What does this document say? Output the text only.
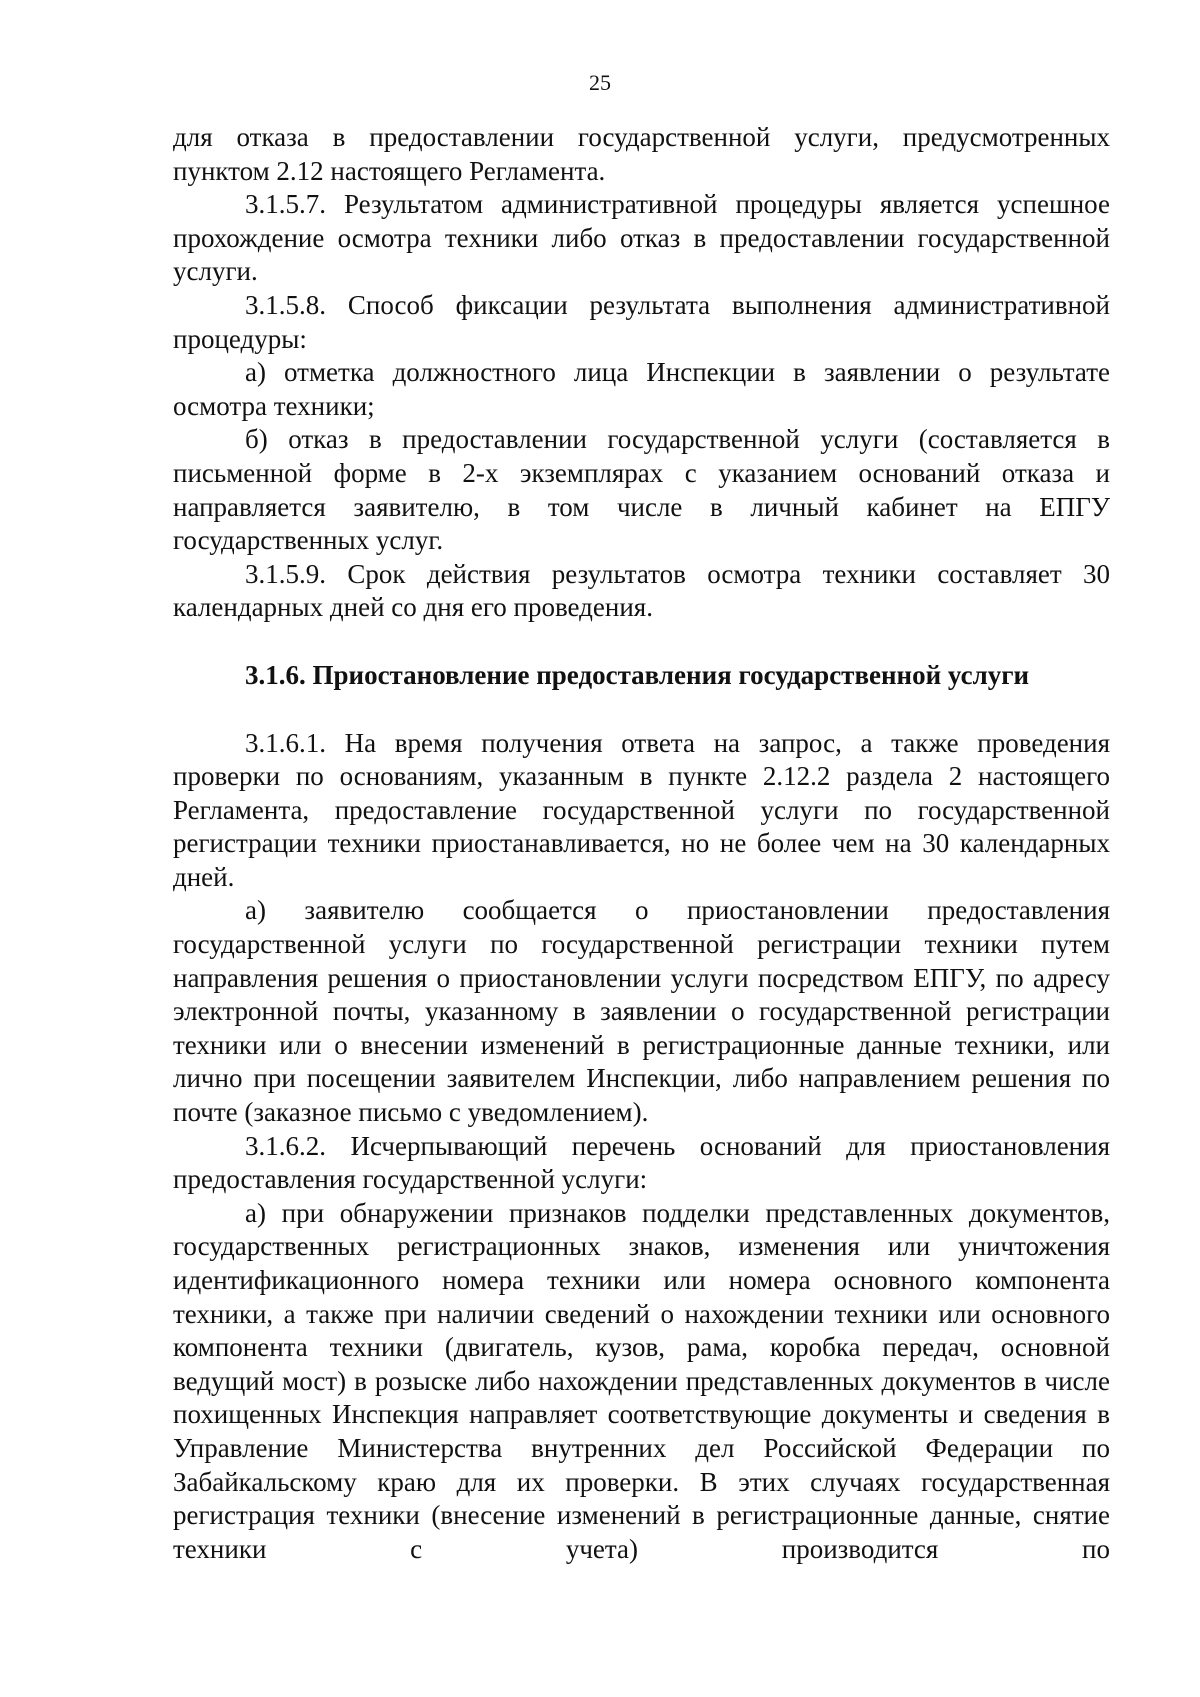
25

для отказа в предоставлении государственной услуги, предусмотренных пунктом 2.12 настоящего Регламента.

3.1.5.7. Результатом административной процедуры является успешное прохождение осмотра техники либо отказ в предоставлении государственной услуги.

3.1.5.8. Способ фиксации результата выполнения административной процедуры:

а) отметка должностного лица Инспекции в заявлении о результате осмотра техники;

б) отказ в предоставлении государственной услуги (составляется в письменной форме в 2-х экземплярах с указанием оснований отказа и направляется заявителю, в том числе в личный кабинет на ЕПГУ государственных услуг.

3.1.5.9. Срок действия результатов осмотра техники составляет 30 календарных дней со дня его проведения.

3.1.6. Приостановление предоставления государственной услуги

3.1.6.1. На время получения ответа на запрос, а также проведения проверки по основаниям, указанным в пункте 2.12.2 раздела 2 настоящего Регламента, предоставление государственной услуги по государственной регистрации техники приостанавливается, но не более чем на 30 календарных дней.

а) заявителю сообщается о приостановлении предоставления государственной услуги по государственной регистрации техники путем направления решения о приостановлении услуги посредством ЕПГУ, по адресу электронной почты, указанному в заявлении о государственной регистрации техники или о внесении изменений в регистрационные данные техники, или лично при посещении заявителем Инспекции, либо направлением решения по почте (заказное письмо с уведомлением).

3.1.6.2. Исчерпывающий перечень оснований для приостановления предоставления государственной услуги:

а) при обнаружении признаков подделки представленных документов, государственных регистрационных знаков, изменения или уничтожения идентификационного номера техники или номера основного компонента техники, а также при наличии сведений о нахождении техники или основного компонента техники (двигатель, кузов, рама, коробка передач, основной ведущий мост) в розыске либо нахождении представленных документов в числе похищенных Инспекция направляет соответствующие документы и сведения в Управление Министерства внутренних дел Российской Федерации по Забайкальскому краю для их проверки. В этих случаях государственная регистрация техники (внесение изменений в регистрационные данные, снятие техники с учета) производится по
